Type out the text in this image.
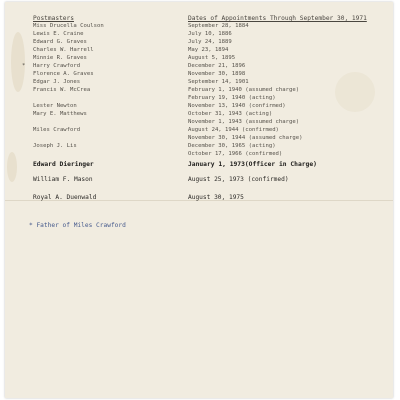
Postmasters	Dates of Appointments Through September 30, 1971
Miss Drucella Coulson	September 28, 1884
Lewis E. Craine	July 10, 1886
Edward G. Graves	July 24, 1889
Charles W. Harrell	May 23, 1894
Minnie R. Graves	August 5, 1895
* Harry Crawford	December 21, 1896
Florence A. Graves	November 30, 1898
Edgar J. Jones	September 14, 1901
Francis W. McCrea	February 1, 1940 (assumed charge)
February 19, 1940 (acting)
Lester Newton	November 13, 1940 (confirmed)
Mary E. Matthews	October 31, 1943 (acting)
November 1, 1943 (assumed charge)
Miles Crawford	August 24, 1944 (confirmed)
November 30, 1944 (assumed charge)
Joseph J. Lis	December 30, 1965 (acting)
October 17, 1966 (confirmed)
Edward Dieringer	January 1, 1973(Officer in Charge)
William F. Mason	August 25, 1973 (confirmed)
Royal A. Duenwald	August 30, 1975
* Father of Miles Crawford
